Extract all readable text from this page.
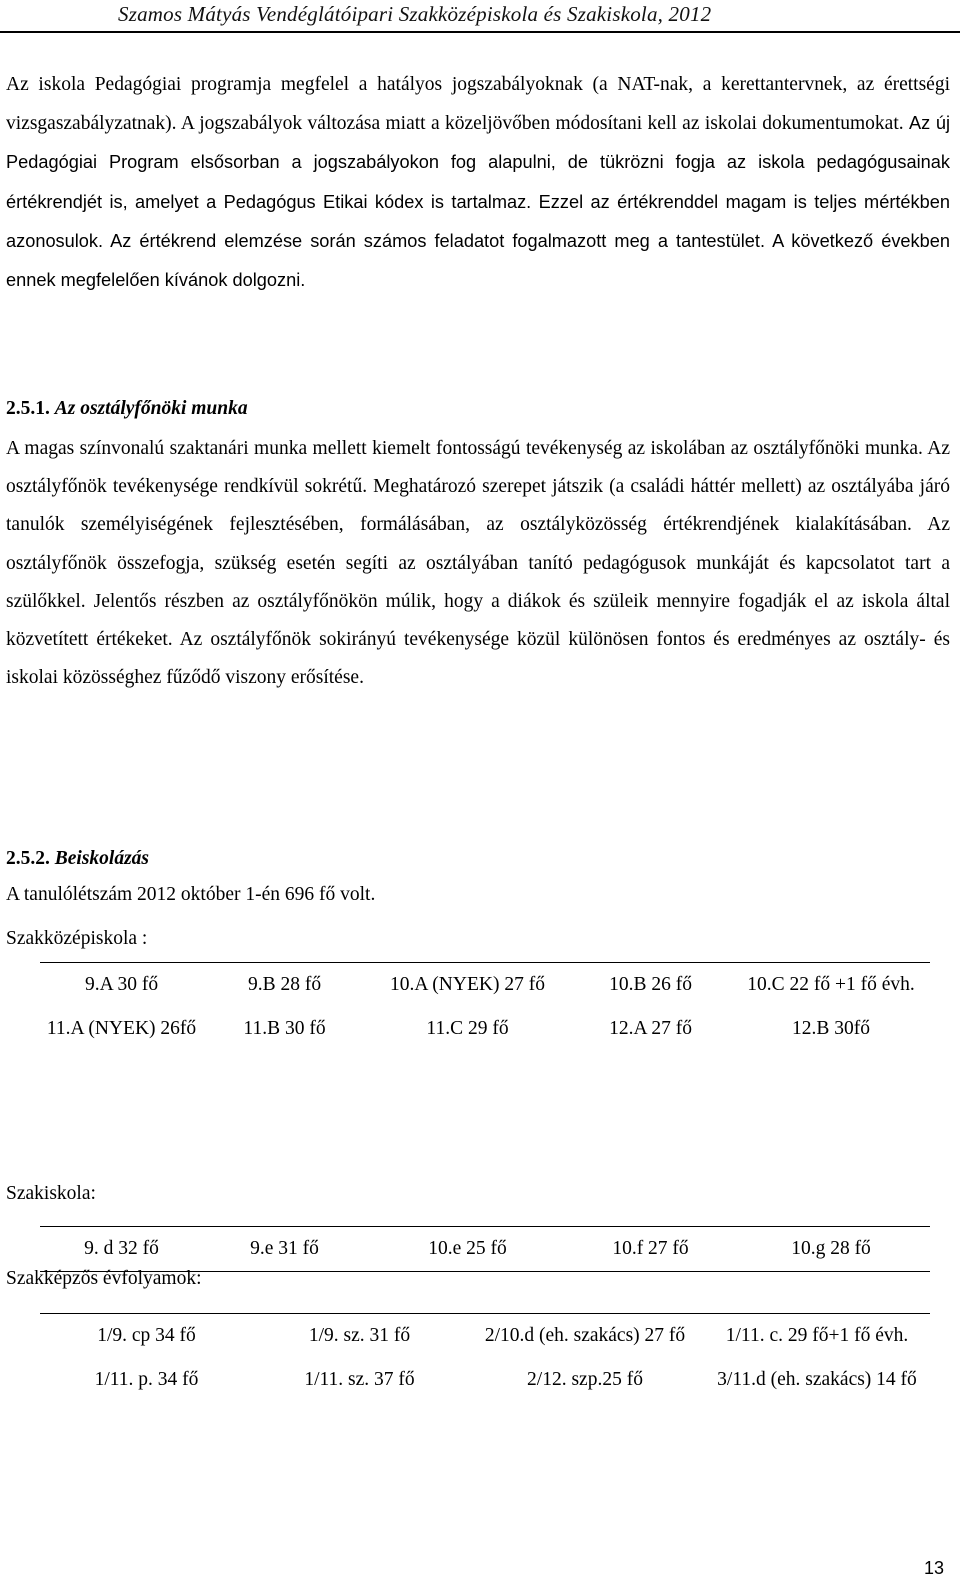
Szamos Mátyás Vendéglátóipari Szakközépiskola és Szakiskola, 2012
Az iskola Pedagógiai programja megfelel a hatályos jogszabályoknak (a NAT-nak, a kerettantervnek, az érettségi vizsgaszabályzatnak). A jogszabályok változása miatt a közeljövőben módosítani kell az iskolai dokumentumokat. Az új Pedagógiai Program elsősorban a jogszabályokon fog alapulni, de tükrözni fogja az iskola pedagógusainak értékrendjét is, amelyet a Pedagógus Etikai kódex is tartalmaz. Ezzel az értékrenddel magam is teljes mértékben azonosulok. Az értékrend elemzése során számos feladatot fogalmazott meg a tantestület. A következő években ennek megfelelően kívánok dolgozni.
2.5.1. Az osztályfőnöki munka
A magas színvonalú szaktanári munka mellett kiemelt fontosságú tevékenység az iskolában az osztályfőnöki munka. Az osztályfőnök tevékenysége rendkívül sokrétű. Meghatározó szerepet játszik (a családi háttér mellett) az osztályába járó tanulók személyiségének fejlesztésében, formálásában, az osztályközösség értékrendjének kialakításában. Az osztályfőnök összefogja, szükség esetén segíti az osztályában tanító pedagógusok munkáját és kapcsolatot tart a szülőkkel. Jelentős részben az osztályfőnökön múlik, hogy a diákok és szüleik mennyire fogadják el az iskola által közvetített értékeket. Az osztályfőnök sokirányú tevékenysége közül különösen fontos és eredményes az osztály- és iskolai közösséghez fűződő viszony erősítése.
2.5.2. Beiskolázás
A tanulólétszám 2012 október 1-én 696 fő volt.
Szakközépiskola :
9.A 30 fő	9.B 28 fő	10.A (NYEK) 27 fő	10.B 26 fő	10.C 22 fő +1 fő évh.
11.A (NYEK) 26fő	11.B 30 fő	11.C 29 fő	12.A 27 fő	12.B 30fő
Szakiskola:
9. d 32 fő	9.e 31 fő	10.e 25 fő	10.f 27 fő	10.g 28 fő
Szakképzős évfolyamok:
1/9. cp 34 fő	1/9. sz. 31 fő	2/10.d (eh. szakács) 27 fő	1/11. c. 29 fő+1 fő évh.
1/11. p. 34 fő	1/11. sz. 37 fő	2/12. szp.25 fő	3/11.d (eh. szakács) 14 fő
13
